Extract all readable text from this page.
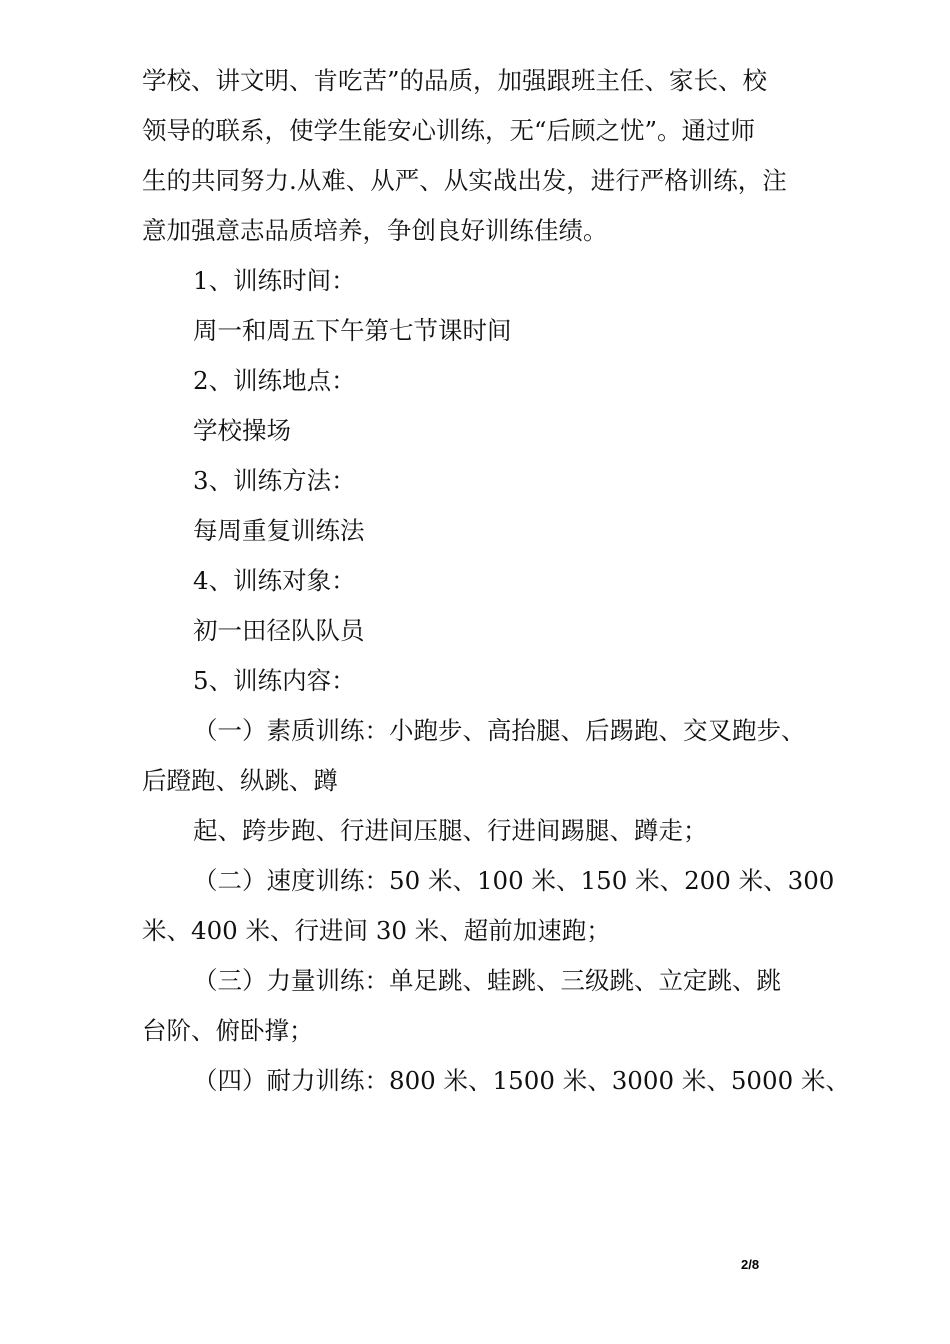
学校、讲文明、肯吃苦”的品质，加强跟班主任、家长、校

领导的联系，使学生能安心训练，无“后顾之忧”。通过师

生的共同努力.从难、从严、从实战出发，进行严格训练，注

意加强意志品质培养，争创良好训练佳绩。

1、训练时间：

周一和周五下午第七节课时间

2、训练地点：

学校操场

3、训练方法：

每周重复训练法

4、训练对象：

初一田径队队员

5、训练内容：

（一）素质训练：小跑步、高抬腿、后踢跑、交叉跑步、

后蹬跑、纵跳、蹲

起、跨步跑、行进间压腿、行进间踢腿、蹲走；

（二）速度训练：50 米、100 米、150 米、200 米、300

米、400 米、行进间 30 米、超前加速跑；

（三）力量训练：单足跳、蛙跳、三级跳、立定跳、跳

台阶、俯卧撑；

（四）耐力训练：800 米、1500 米、3000 米、5000 米、

2/8
